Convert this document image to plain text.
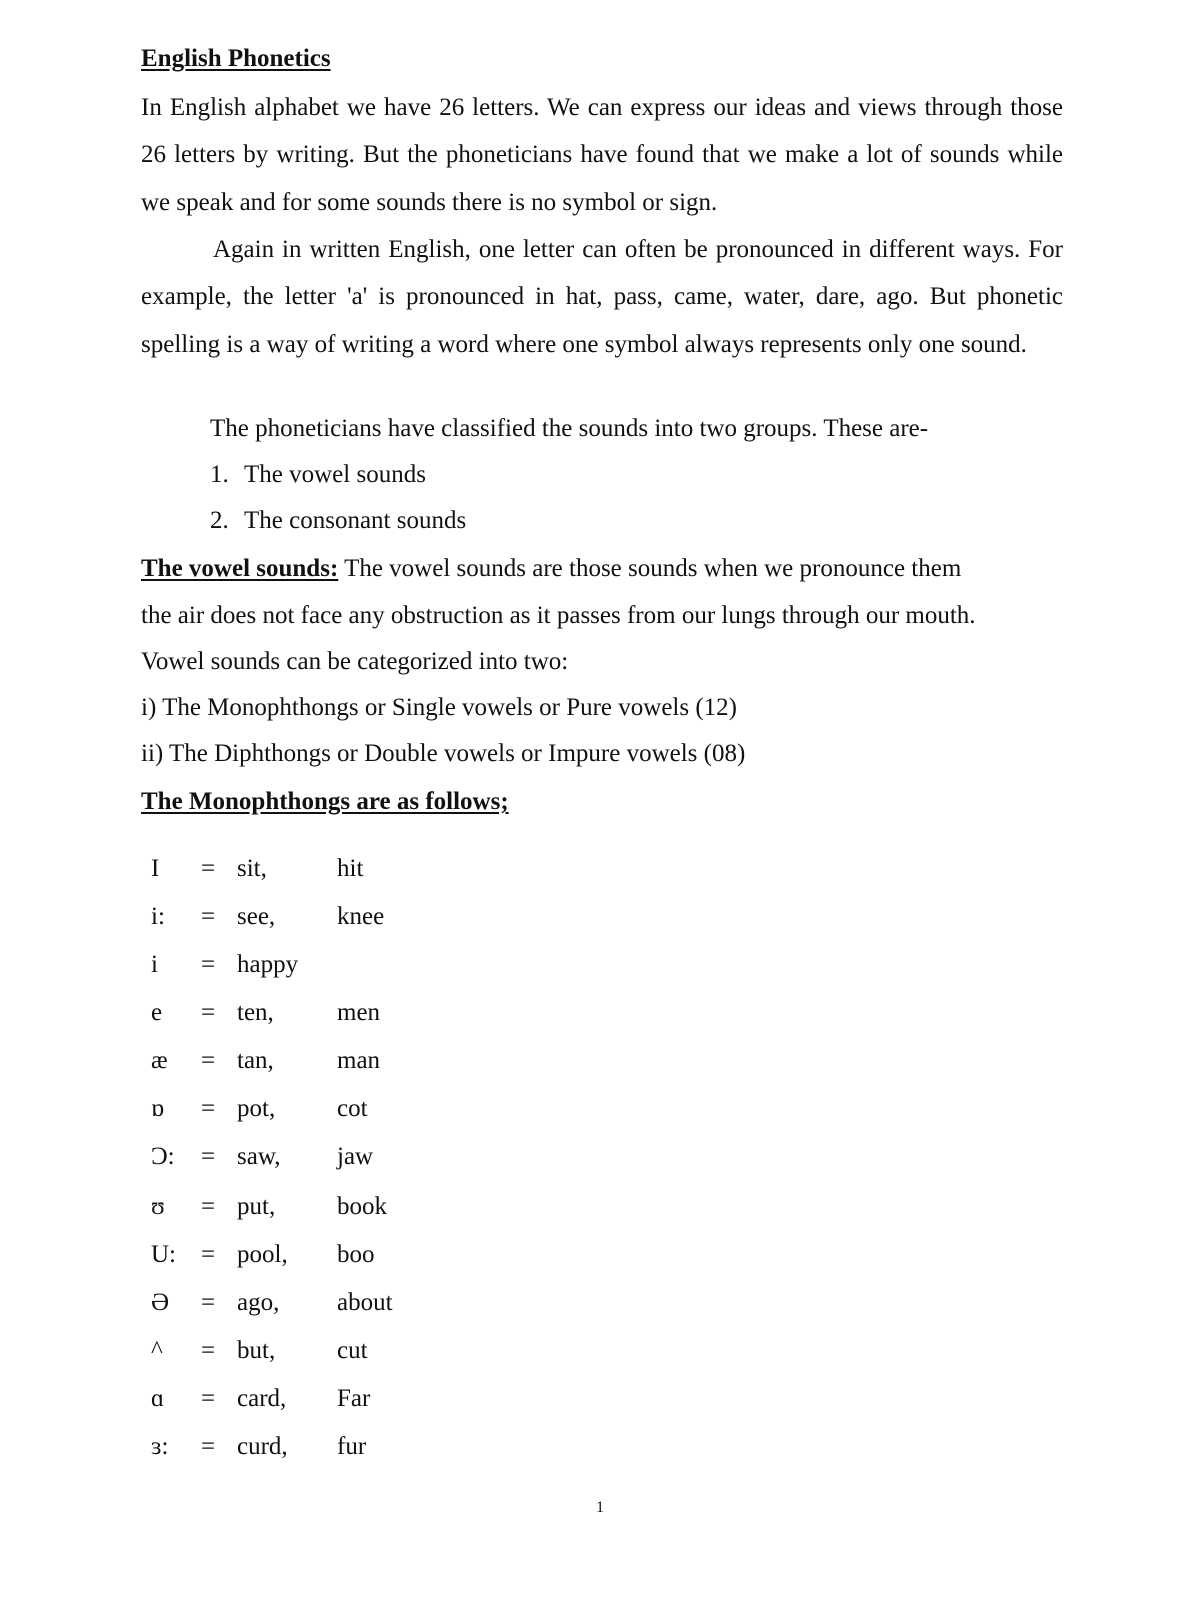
English Phonetics

In English alphabet we have 26 letters. We can express our ideas and views through those 26 letters by writing. But the phoneticians have found that we make a lot of sounds while we speak and for some sounds there is no symbol or sign.

Again in written English, one letter can often be pronounced in different ways. For example, the letter 'a' is pronounced in hat, pass, came, water, dare, ago. But phonetic spelling is a way of writing a word where one symbol always represents only one sound.

The phoneticians have classified the sounds into two groups. These are-

1. The vowel sounds

2. The consonant sounds

The vowel sounds: The vowel sounds are those sounds when we pronounce them

the air does not face any obstruction as it passes from our lungs through our mouth.

Vowel sounds can be categorized into two:

i) The Monophthongs or Single vowels or Pure vowels (12)

ii) The Diphthongs or Double vowels or Impure vowels (08)

The Monophthongs are as follows;

I = sit,	hit
i: = see, knee
i = happy
e = ten,	men
æ = tan,	man
ɒ = pot, cot
Ɔ: = saw, jaw
ʊ = put, book
U: = pool, boo
Ə = ago, about
^ = but, cut
ɑ = card, Far
ɜ: = curd, fur
1
